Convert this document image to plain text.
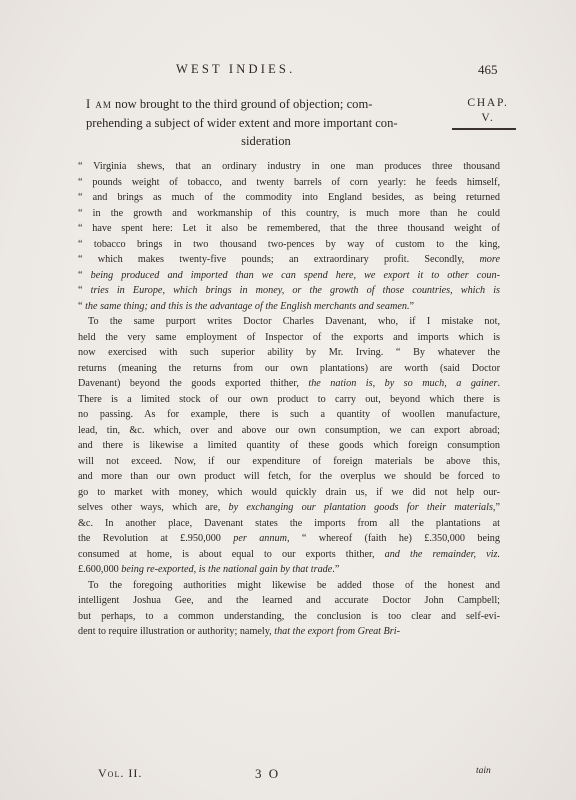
WEST INDIES.	465
CHAP.
V.
I am now brought to the third ground of objection; com-
prehending a subject of wider extent and more important con-
sideration
“ Virginia shews, that an ordinary industry in one man produces three thousand
“ pounds weight of tobacco, and twenty barrels of corn yearly: he feeds himself,
“ and brings as much of the commodity into England besides, as being returned
“ in the growth and workmanship of this country, is much more than he could
“ have spent here: Let it also be remembered, that the three thousand weight of
“ tobacco brings in two thousand two-pences by way of custom to the king,
“ which makes twenty-five pounds; an extraordinary profit. Secondly, more
“ being produced and imported than we can spend here, we export it to other coun-
“ tries in Europe, which brings in money, or the growth of those countries, which is
“ the same thing; and this is the advantage of the English merchants and seamen.”
To the same purport writes Doctor Charles Davenant, who, if I mistake not,
held the very same employment of Inspector of the exports and imports which is
now exercised with such superior ability by Mr. Irving. “ By whatever the
returns (meaning the returns from our own plantations) are worth (said Doctor
Davenant) beyond the goods exported thither, the nation is, by so much, a gainer.
There is a limited stock of our own product to carry out, beyond which there is
no passing. As for example, there is such a quantity of woollen manufacture,
lead, tin, &c. which, over and above our own consumption, we can export abroad;
and there is likewise a limited quantity of these goods which foreign consumption
will not exceed. Now, if our expenditure of foreign materials be above this,
and more than our own product will fetch, for the overplus we should be forced to
go to market with money, which would quickly drain us, if we did not help our-
selves other ways, which are, by exchanging our plantation goods for their materials,”
&c. In another place, Davenant states the imports from all the plantations at
the Revolution at £.950,000 per annum, “ whereof (faith he) £.350,000 being
consumed at home, is about equal to our exports thither, and the remainder, viz.
£.600,000 being re-exported, is the national gain by that trade.”
To the foregoing authorities might likewise be added those of the honest and
intelligent Joshua Gee, and the learned and accurate Doctor John Campbell;
but perhaps, to a common understanding, the conclusion is too clear and self-evi-
dent to require illustration or authority; namely, that the export from Great Bri-
Vol. II.	3 O	tain
